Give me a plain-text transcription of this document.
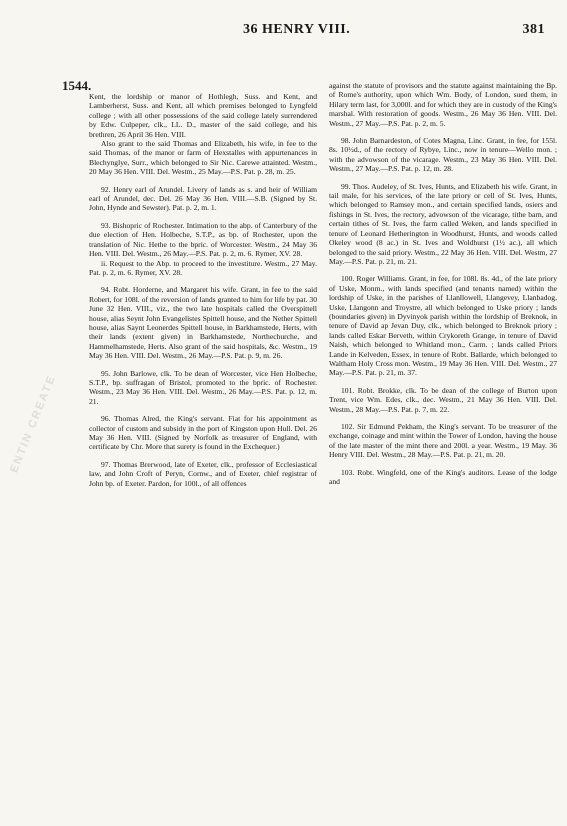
36 HENRY VIII.	381
1544.
ENTIN CREATE

Kent, the lordship or manor of Hothlegh, Suss. and Kent, and Lamberherst, Suss. and Kent, all which premises belonged to Lyngfeld college ; with all other possessions of the said college lately surrendered by Edw. Culpeper, clk., LL. D., master of the said college, and his brethren, 26 April 36 Hen. VIII.

Also grant to the said Thomas and Elizabeth, his wife, in fee to the said Thomas, of the manor or farm of Hexstalles with appurtenances in Blechynglye, Surr., which belonged to Sir Nic. Carewe attainted. Westm., 20 May 36 Hen. VIII. Del. Westm., 25 May.—P.S. Pat. p. 28, m. 25.

92. Henry earl of Arundel. Livery of lands as s. and heir of William earl of Arundel, dec. Del. 26 May 36 Hen. VIII.—S.B. (Signed by St. John, Hynde and Sewster). Pat. p. 2, m. 1.

93. Bishopric of Rochester. Intimation to the abp. of Canterbury of the due election of Hen. Holbeche, S.T.P., as bp. of Rochester, upon the translation of Nic. Hethe to the bpric. of Worcester. Westm., 24 May 36 Hen. VIII. Del. Westm., 26 May.—P.S. Pat. p. 2, m. 6. Rymer, XV. 28.

ii. Request to the Abp. to proceed to the investiture. Westm., 27 May. Pat. p. 2, m. 6. Rymer, XV. 28.

94. Robt. Horderne, and Margaret his wife. Grant, in fee to the said Robert, for 108l. of the reversion of lands granted to him for life by pat. 30 June 32 Hen. VIII., viz., the two late hospitals called the Overspittell house, alias Seynt John Evangelistes Spittell house, and the Nether Spittell house, alias Saynt Leonerdes Spittell house, in Barkhamstede, Herts, with their lands (extent given) in Barkhamstede, Northechurche, and Hammelhamstede, Herts. Also grant of the said hospitals, &c. Westm., 19 May 36 Hen. VIII. Del. Westm., 26 May.—P.S. Pat. p. 9, m. 26.

95. John Barlowe, clk. To be dean of Worcester, vice Hen Holbeche, S.T.P., bp. suffragan of Bristol, promoted to the bpric. of Rochester. Westm., 23 May 36 Hen. VIII. Del. Westm., 26 May.—P.S. Pat. p. 12, m. 21.

96. Thomas Alred, the King's servant. Fiat for his appointment as collector of custom and subsidy in the port of Kingston upon Hull. Del. 26 May 36 Hen. VIII. (Signed by Norfolk as treasurer of England, with certificate by Chr. More that surety is found in the Exchequer.)

97. Thomas Brerwood, late of Exeter, clk., professor of Ecclesiastical law, and John Croft of Peryn, Cornw., and of Exeter, chief registrar of John bp. of Exeter. Pardon, for 100l., of all offences

against the statute of provisors and the statute against maintaining the Bp. of Rome's authority, upon which Wm. Body, of London, sued them, in Hilary term last, for 3,000l. and for which they are in custody of the King's marshal. With restoration of goods. Westm., 26 May 36 Hen. VIII. Del. Westm., 27 May.—P.S. Pat. p. 2, m. 5.

98. John Barnardeston, of Cotes Magna, Linc. Grant, in fee, for 155l. 8s. 10½d., of the rectory of Rybye, Linc., now in tenure—Wello mon. ; with the advowson of the vicarage. Westm., 23 May 36 Hen. VIII. Del. Westm., 27 May.—P.S. Pat. p. 12, m. 28.

99. Thos. Audeley, of St. Ives, Hunts, and Elizabeth his wife. Grant, in tail male, for his services, of the late priory or cell of St. Ives, Hunts, which belonged to Ramsey mon., and certain specified lands, osiers and fishings in St. Ives, the rectory, advowson of the vicarage, tithe barn, and certain tithes of St. Ives, the farm called Weken, and lands specified in tenure of Leonard Hetherington in Woodhurst, Hunts, and woods called Okeley wood (8 ac.) in St. Ives and Woldhurst (1½ ac.), all which belonged to the said priory. Westm., 22 May 36 Hen. VIII. Del. Westm, 27 May.—P.S. Pat. p. 21, m. 21.

100. Roger Williams. Grant, in fee, for 108l. 8s. 4d., of the late priory of Uske, Monm., with lands specified (and tenants named) within the lordship of Uske, in the parishes of Llanllowell, Llangevey, Llanbadog, Uske, Llangonn and Troystre, all which belonged to Uske priory ; lands (boundaries given) in Dyvinyok parish within the lordship of Breknok, in tenure of David ap Jevan Duy, clk., which belonged to Breknok priory ; lands called Eskar Berveth, within Crykoreth Grange, in tenure of David Naish, which belonged to Whitland mon., Carm. ; lands called Priors Lande in Kelveden, Essex, in tenure of Robt. Ballarde, which belonged to Waltham Holy Cross mon. Westm., 19 May 36 Hen. VIII. Del. Westm., 27 May.—P.S. Pat. p. 21, m. 37.

101. Robt. Brokke, clk. To be dean of the college of Burton upon Trent, vice Wm. Edes, clk., dec. Westm., 21 May 36 Hen. VIII. Del. Westm., 28 May.—P.S. Pat. p. 7, m. 22.

102. Sir Edmund Pekham, the King's servant. To be treasurer of the exchange, coinage and mint within the Tower of London, having the house of the late master of the mint there and 200l. a year. Westm., 19 May. 36 Henry VIII. Del. Westm., 28 May.—P.S. Pat. p. 21, m. 20.

103. Robt. Wingfeld, one of the King's auditors. Lease of the lodge and
